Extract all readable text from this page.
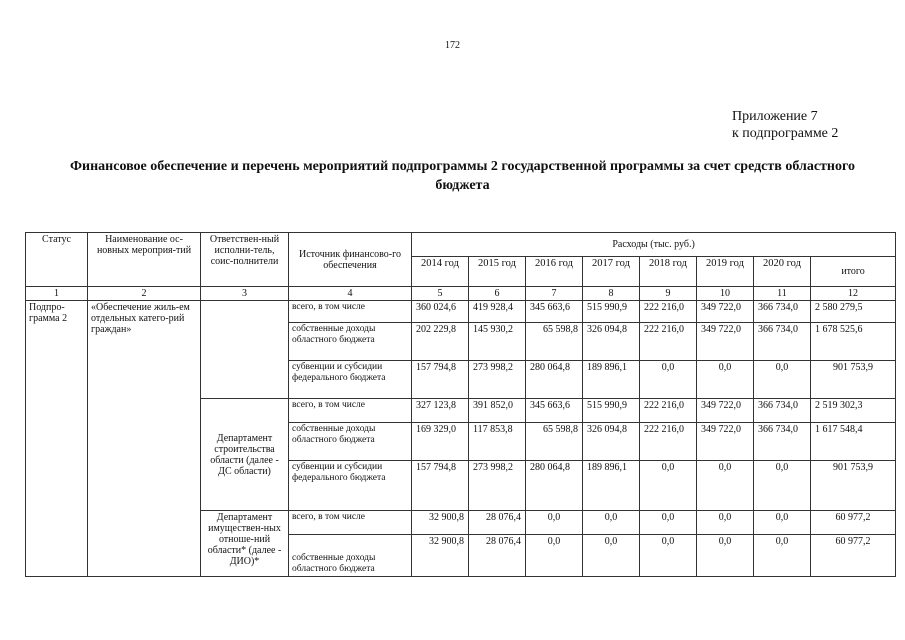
172
Приложение 7
к подпрограмме 2
Финансовое обеспечение и перечень мероприятий подпрограммы 2 государственной программы за счет средств областного бюджета
Статус	Наименование ос-новных мероприя-тий	Ответствен-ный исполни-тель, соис-полнители	Источник финансово-го обеспечения	Расходы (тыс. руб.)							
				2014 год	2015 год	2016 год	2017 год	2018 год	2019 год	2020 год	итого
1	2	3	4	5	6	7	8	9	10	11	12
Подпро-грамма 2	«Обеспечение жиль-ем отдельных катего-рий граждан»		всего, в том числе	360 024,6	419 928,4	345 663,6	515 990,9	222 216,0	349 722,0	366 734,0	2 580 279,5
			собственные доходы областного бюджета	202 229,8	145 930,2	65 598,8	326 094,8	222 216,0	349 722,0	366 734,0	1 678 525,6
			субвенции и субсидии федерального бюджета	157 794,8	273 998,2	280 064,8	189 896,1	0,0	0,0	0,0	901 753,9
		Департамент строительства области (далее - ДС области)	всего, в том числе	327 123,8	391 852,0	345 663,6	515 990,9	222 216,0	349 722,0	366 734,0	2 519 302,3
			собственные доходы областного бюджета	169 329,0	117 853,8	65 598,8	326 094,8	222 216,0	349 722,0	366 734,0	1 617 548,4
			субвенции и субсидии федерального бюджета	157 794,8	273 998,2	280 064,8	189 896,1	0,0	0,0	0,0	901 753,9
		Департамент имуществен-ных отноше-ний области* (далее - ДИО)*	всего, в том числе	32 900,8	28 076,4	0,0	0,0	0,0	0,0	0,0	60 977,2
			собственные доходы областного бюджета	32 900,8	28 076,4	0,0	0,0	0,0	0,0	0,0	60 977,2
